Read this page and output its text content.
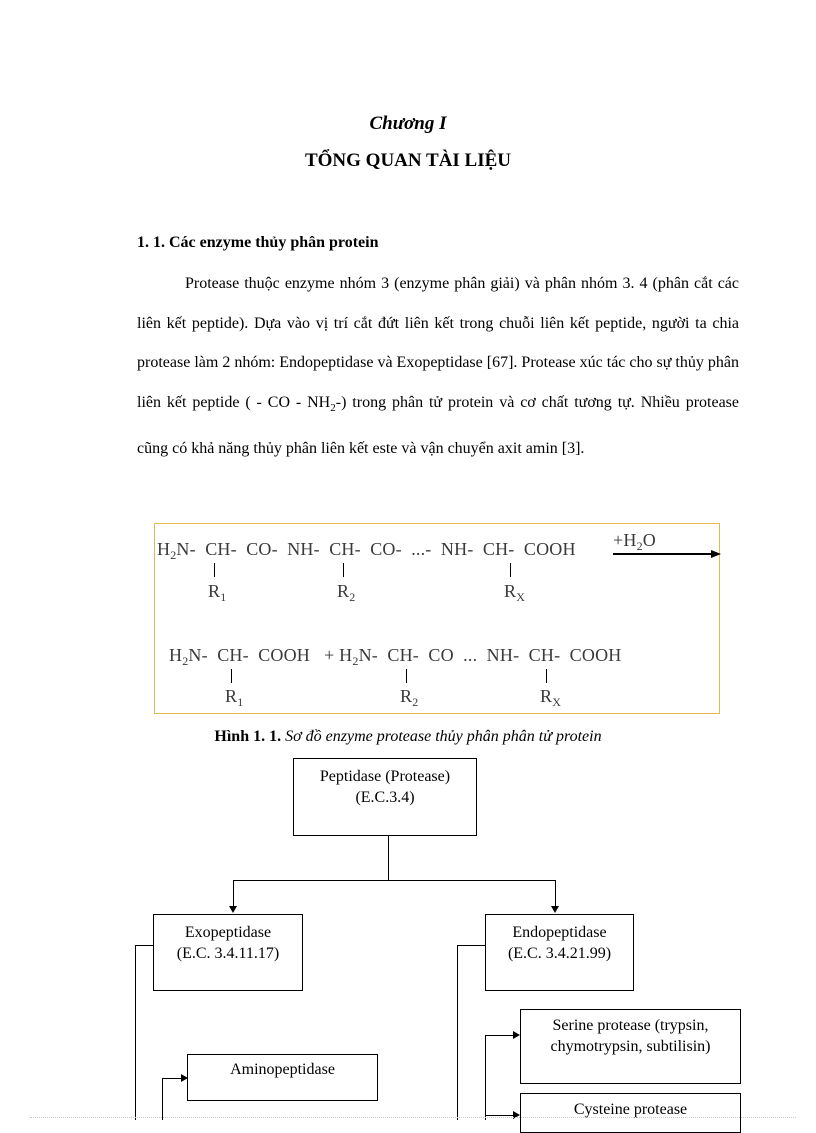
Chương I
TỔNG QUAN TÀI LIỆU
1. 1. Các enzyme thủy phân protein
Protease thuộc enzyme nhóm 3 (enzyme phân giải) và phân nhóm 3. 4 (phân cắt các liên kết peptide). Dựa vào vị trí cắt đứt liên kết trong chuỗi liên kết peptide, người ta chia protease làm 2 nhóm: Endopeptidase và Exopeptidase [67]. Protease xúc tác cho sự thủy phân liên kết peptide ( - CO - $NH_2-$) trong phân tử protein và cơ chất tương tự. Nhiều protease cũng có khả năng thủy phân liên kết este và vận chuyển axit amin [3].
$H_2N-$  CH-  CO-  NH-  CH-  CO-  ...-  NH-  CH-  COOH $+H_2O$
$R_1$	$R_2$	$R_X$
$H_2N-$  CH-  COOH   + $H_2N-$  CH-  CO  ...  NH-  CH-  COOH
$R_1$	$R_2$	$R_X$
Hình 1. 1. Sơ đồ enzyme protease thủy phân phân tử protein
Peptidase (Protease)
(E.C.3.4)
Exopeptidase
(E.C. 3.4.11.17)
Endopeptidase
(E.C. 3.4.21.99)
Aminopeptidase
Serine protease (trypsin,
chymotrypsin, subtilisin)
Cysteine protease
